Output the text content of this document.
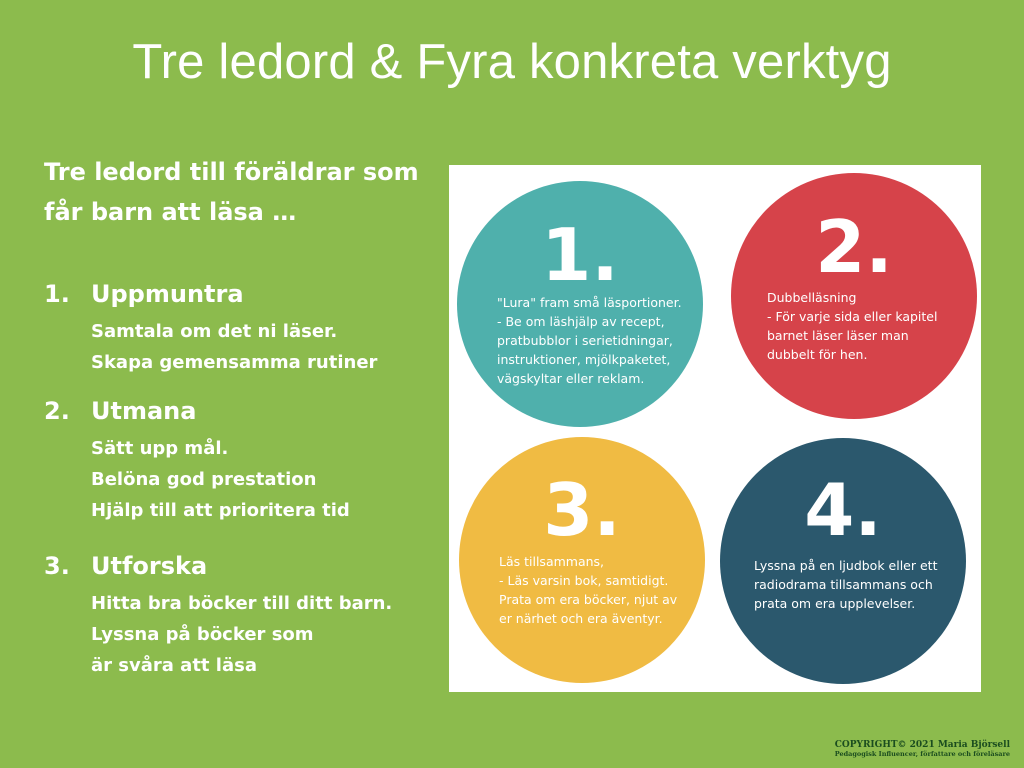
Tre ledord & Fyra konkreta verktyg

Tre ledord till föräldrar som
får barn att läsa …

1. Uppmuntra
Samtala om det ni läser.
Skapa gemensamma rutiner
2. Utmana
Sätt upp mål.
Belöna god prestation
Hjälp till att prioritera tid
3. Utforska
Hitta bra böcker till ditt barn.
Lyssna på böcker som
är svåra att läsa
1.
"Lura" fram små läsportioner.
- Be om läshjälp av recept,
pratbubblor i serietidningar,
instruktioner, mjölkpaketet,
vägskyltar eller reklam.
2.
Dubbelläsning
- För varje sida eller kapitel
barnet läser läser man
dubbelt för hen.
3.
Läs tillsammans,
- Läs varsin bok, samtidigt.
Prata om era böcker, njut av
er närhet och era äventyr.
4.
Lyssna på en ljudbok eller ett
radiodrama tillsammans och
prata om era upplevelser.
COPYRIGHT© 2021 Maria Björsell
Pedagogisk Influencer, författare och föreläsare
